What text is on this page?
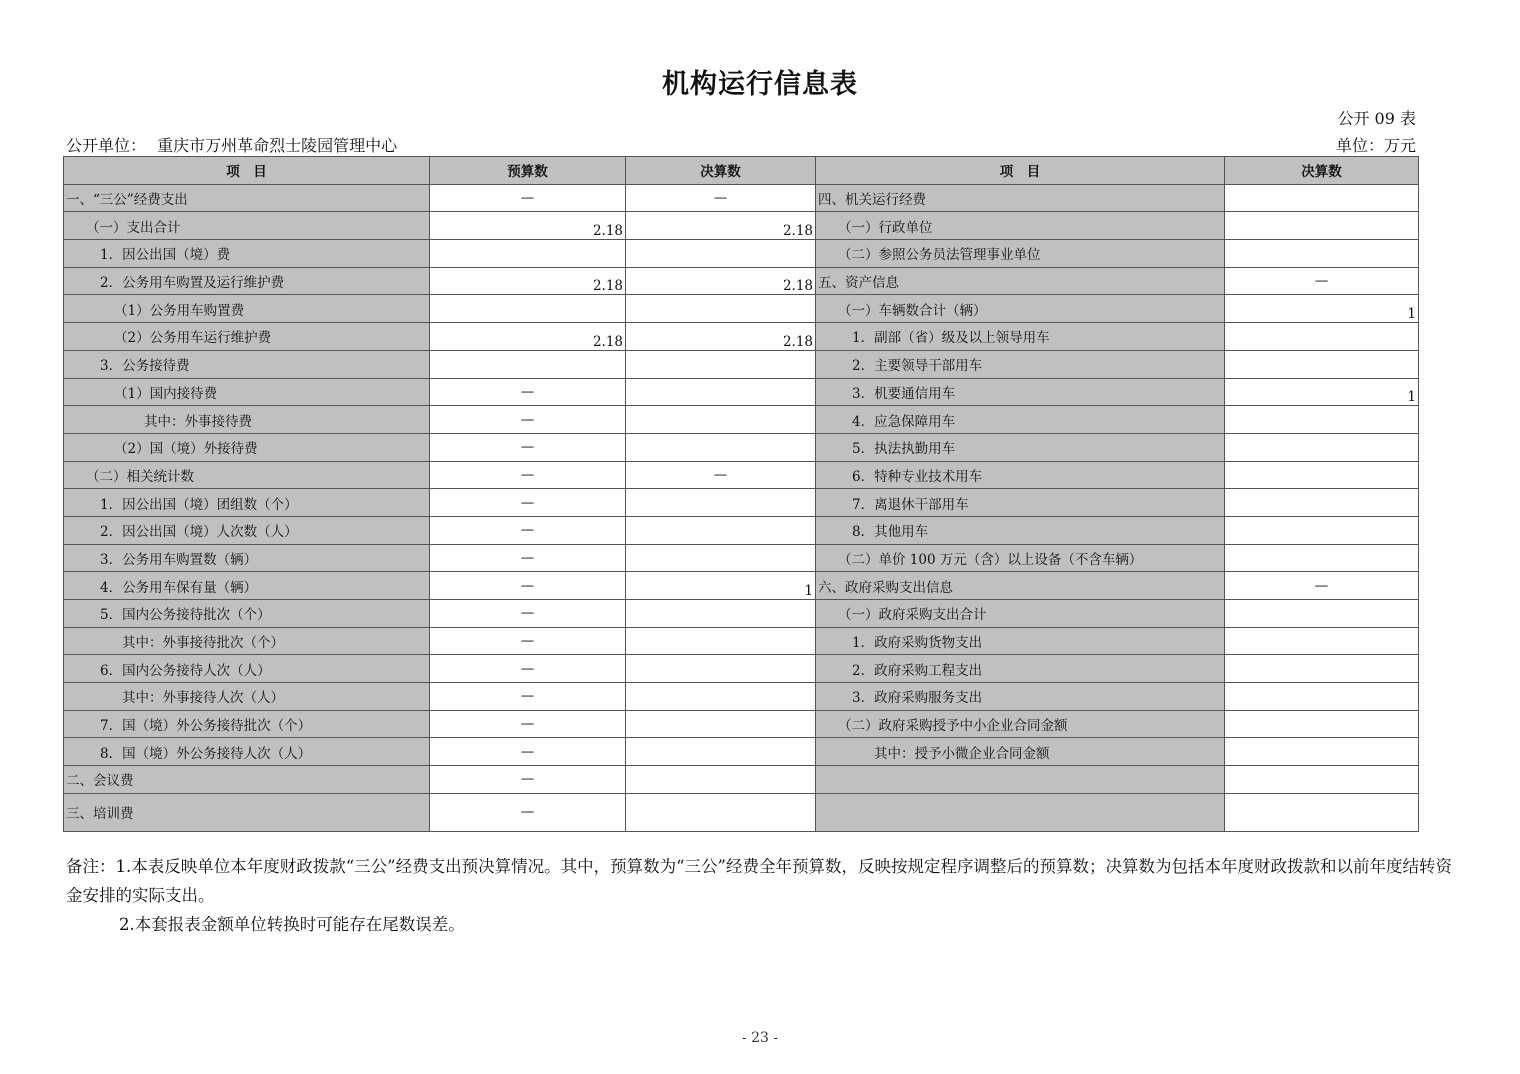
机构运行信息表
公开 09 表
公开单位： 重庆市万州革命烈士陵园管理中心	单位：万元
项　目	预算数	决算数	项　目	决算数
一、“三公”经费支出	—	—	四、机关运行经费	
（一）支出合计	2.18	2.18	（一）行政单位	
1．因公出国（境）费			（二）参照公务员法管理事业单位	
2．公务用车购置及运行维护费	2.18	2.18	五、资产信息	—
（1）公务用车购置费			（一）车辆数合计（辆）	1
（2）公务用车运行维护费	2.18	2.18	1．副部（省）级及以上领导用车	
3．公务接待费			2．主要领导干部用车	
（1）国内接待费	—		3．机要通信用车	1
其中：外事接待费	—		4．应急保障用车	
（2）国（境）外接待费	—		5．执法执勤用车	
（二）相关统计数	—	—	6．特种专业技术用车	
1．因公出国（境）团组数（个）	—		7．离退休干部用车	
2．因公出国（境）人次数（人）	—		8．其他用车	
3．公务用车购置数（辆）	—		（二）单价 100 万元（含）以上设备（不含车辆）	
4．公务用车保有量（辆）	—	1	六、政府采购支出信息	—
5．国内公务接待批次（个）	—		（一）政府采购支出合计	
其中：外事接待批次（个）	—		1．政府采购货物支出	
6．国内公务接待人次（人）	—		2．政府采购工程支出	
其中：外事接待人次（人）	—		3．政府采购服务支出	
7．国（境）外公务接待批次（个）	—		（二）政府采购授予中小企业合同金额	
8．国（境）外公务接待人次（人）	—		其中：授予小微企业合同金额	
二、会议费	—			
三、培训费	—			

备注：1.本表反映单位本年度财政拨款“三公”经费支出预决算情况。其中，预算数为“三公”经费全年预算数，反映按规定程序调整后的预算数；决算数为包括本年度财政拨款和以前年度结转资金安排的实际支出。

2.本套报表金额单位转换时可能存在尾数误差。

- 23 -
